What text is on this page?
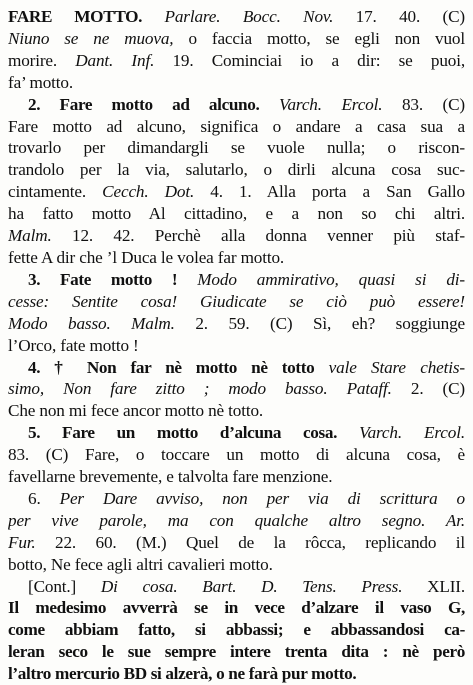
FARE MOTTO. Parlare. Bocc. Nov. 17. 40. (C)
Niuno se ne muova, o faccia motto, se egli non vuol
morire. Dant. Inf. 19. Cominciai io a dir: se puoi,
fa’ motto.
2. Fare motto ad alcuno. Varch. Ercol. 83. (C)
Fare motto ad alcuno, significa o andare a casa sua a
trovarlo per dimandargli se vuole nulla; o riscon-
trandolo per la via, salutarlo, o dirli alcuna cosa suc-
cintamente. Cecch. Dot. 4. 1. Alla porta a San Gallo
ha fatto motto Al cittadino, e a non so chi altri.
Malm. 12. 42. Perchè alla donna venner più staf-
fette A dir che ’l Duca le volea far motto.
3. Fate motto ! Modo ammirativo, quasi si di-
cesse: Sentite cosa! Giudicate se ciò può essere!
Modo basso. Malm. 2. 59. (C) Sì, eh? soggiunge
l’Orco, fate motto !
4. † Non far nè motto nè totto vale Stare chetis-
simo, Non fare zitto ; modo basso. Pataff. 2. (C)
Che non mi fece ancor motto nè totto.
5. Fare un motto d’alcuna cosa. Varch. Ercol.
83. (C) Fare, o toccare un motto di alcuna cosa, è
favellarne brevemente, e talvolta fare menzione.
6. Per Dare avviso, non per via di scrittura o
per vive parole, ma con qualche altro segno. Ar.
Fur. 22. 60. (M.) Quel de la rôcca, replicando il
botto, Ne fece agli altri cavalieri motto.
[Cont.] Di cosa. Bart. D. Tens. Press. XLII.
Il medesimo avverrà se in vece d’alzare il vaso G,
come abbiam fatto, si abbassi; e abbassandosi ca-
leran seco le sue sempre intere trenta dita : nè però
l’altro mercurio BD si alzerà, o ne farà pur motto.
